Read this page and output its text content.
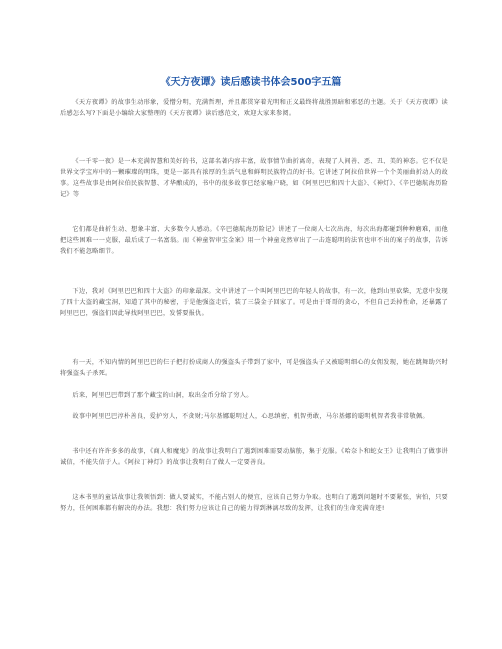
《天方夜谭》读后感读书体会500字五篇

《天方夜谭》的故事生动形象，爱憎分明，充满哲理，并且都贯穿着光明和正义最终将战胜黑暗和邪恶的主题。关于《天方夜谭》读后感怎么写?下面是小编给大家整理的《天方夜谭》读后感范文，欢迎大家来参阅。

《一千零一夜》是一本充满智慧和美好的书，这部名著内容丰富，故事情节曲折离奇，表现了人间善、恶、丑、美的神态。它不仅是世界文学宝库中的一颗璀璨的明珠，更是一部具有浓厚的生活气息和鲜明民族特点的好书。它讲述了阿拉伯世界一个个美丽曲折动人的故事。这些故事是由阿拉伯民族智慧、才华酿成的，书中的很多故事已经家喻户晓，如《阿里巴巴和四十大盗》、《神灯》、《辛巴德航海历险记》等

它们都是曲折生动、想象丰富、大多数令人感动。《辛巴德航海历险记》讲述了一位商人七次出海，每次出海都碰到种种磨难，而他把这些困难一一克服，最后成了一名富翁。而《神童智审宝金案》用一个神童竟然审出了一击连聪明的法官也审不出的案子的故事，告诉我们不能忽略细节。

下边，我对《阿里巴巴和四十大盗》的印象最深。文中讲述了一个叫阿里巴巴的年轻人的故事，有一次，他到山里砍柴，无意中发现了四十大盗的藏宝洞，知道了其中的秘密，于是他强盗走后，装了三袋金子回家了。可是由于哥哥的贪心，不但自己丢掉性命，还暴露了阿里巴巴，强盗们因此导找阿里巴巴，发誓要报仇。

有一天，不知内情的阿里巴巴的仨子把打扮成商人的强盗头子带到了家中，可是强盗头子又被聪明细心的女佣发现，她在跳舞助兴时将强盗头子杀死。

后来，阿里巴巴带到了那个藏宝的山洞，取出金币分给了穷人。

故事中阿里巴巴淳朴善良，爱护穷人，不贪财;马尔基娜聪明过人，心思缜密，机智勇敢，马尔基娜的聪明机智者我非常敬佩。

书中还有许许多多的故事，《商人和魔鬼》的故事让我明白了遇到困难需要动脑筋，集于克服。《哈奈卜和蛇女王》让我明白了做事讲诚信，不能失信于人。《阿拉丁神灯》的故事让我明白了做人一定要善良。

这本书里的童话故事让我领悟到：做人要诚实，不能占别人的便宜，应该自己努力争取。也明白了遇到问题时不要紧张，害怕，只要努力，任何困难都有解决的办法。我想：我们努力应该让自己的能力得到淋漓尽致的发挥，让我们的生命充满奇迹!
